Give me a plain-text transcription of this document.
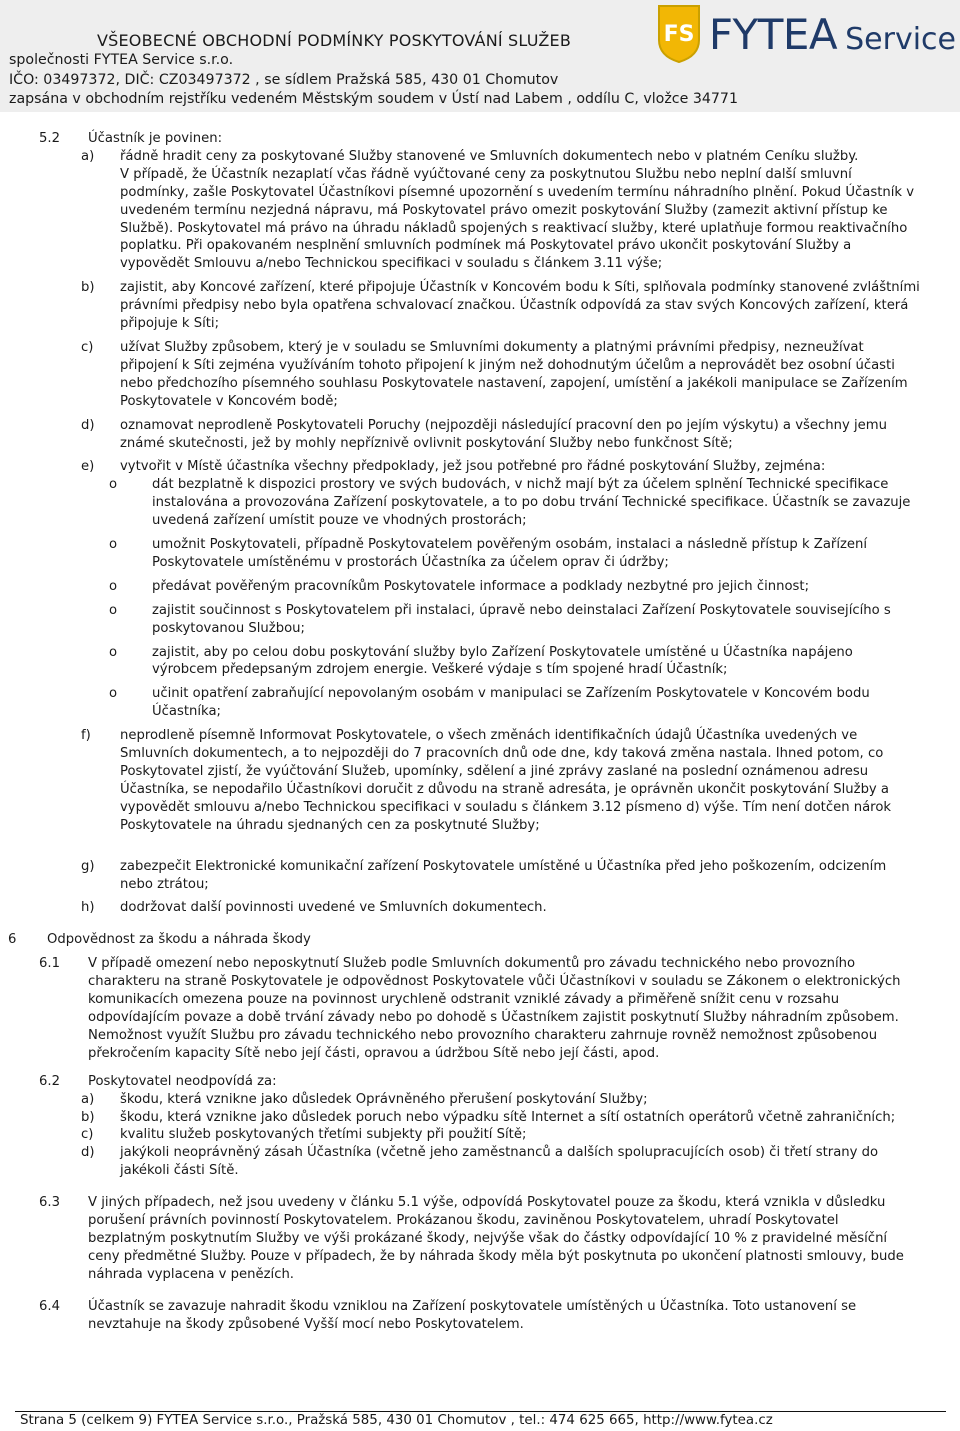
VŠEOBECNÉ OBCHODNÍ PODMÍNKY POSKYTOVÁNÍ SLUŽEB
společnosti FYTEA Service s.r.o.
IČO: 03497372, DIČ: CZ03497372 , se sídlem Pražská 585, 430 01 Chomutov
zapsána v obchodním rejstříku vedeném Městským soudem v Ústí nad Labem , oddílu C, vložce 34771
FS FYTEA Service
5.2 Účastník je povinen:
a) řádně hradit ceny za poskytované Služby stanovené ve Smluvních dokumentech nebo v platném Ceníku služby.
V případě, že Účastník nezaplatí včas řádně vyúčtované ceny za poskytnutou Službu nebo neplní další smluvní podmínky, zašle Poskytovatel Účastníkovi písemné upozornění s uvedením termínu náhradního plnění. Pokud Účastník v uvedeném termínu nezjedná nápravu, má Poskytovatel právo omezit poskytování Služby (zamezit aktivní přístup ke Službě). Poskytovatel má právo na úhradu nákladů spojených s reaktivací služby, které uplatňuje formou reaktivačního poplatku. Při opakovaném nesplnění smluvních podmínek má Poskytovatel právo ukončit poskytování Služby a vypovědět Smlouvu a/nebo Technickou specifikaci v souladu s článkem 3.11 výše;
b) zajistit, aby Koncové zařízení, které připojuje Účastník v Koncovém bodu k Síti, splňovala podmínky stanovené zvláštními právními předpisy nebo byla opatřena schvalovací značkou. Účastník odpovídá za stav svých Koncových zařízení, která připojuje k Síti;
c) užívat Služby způsobem, který je v souladu se Smluvními dokumenty a platnými právními předpisy, nezneužívat připojení k Síti zejména využíváním tohoto připojení k jiným než dohodnutým účelům a neprovádět bez osobní účasti nebo předchozího písemného souhlasu Poskytovatele nastavení, zapojení, umístění a jakékoli manipulace se Zařízením Poskytovatele v Koncovém bodě;
d) oznamovat neprodleně Poskytovateli Poruchy (nejpozději následující pracovní den po jejím výskytu) a všechny jemu známé skutečnosti, jež by mohly nepříznivě ovlivnit poskytování Služby nebo funkčnost Sítě;
e) vytvořit v Místě účastníka všechny předpoklady, jež jsou potřebné pro řádné poskytování Služby, zejména:
o	dát bezplatně k dispozici prostory ve svých budovách, v nichž mají být za účelem splnění Technické specifikace instalována a provozována Zařízení poskytovatele, a to po dobu trvání Technické specifikace. Účastník se zavazuje uvedená zařízení umístit pouze ve vhodných prostorách;
o	umožnit Poskytovateli, případně Poskytovatelem pověřeným osobám, instalaci a následně přístup k Zařízení Poskytovatele umístěnému v prostorách Účastníka za účelem oprav či údržby;
o	předávat pověřeným pracovníkům Poskytovatele informace a podklady nezbytné pro jejich činnost;
o	zajistit součinnost s Poskytovatelem při instalaci, úpravě nebo deinstalaci Zařízení Poskytovatele souvisejícího s poskytovanou Službou;
o	zajistit, aby po celou dobu poskytování služby bylo Zařízení Poskytovatele umístěné u Účastníka napájeno výrobcem předepsaným zdrojem energie. Veškeré výdaje s tím spojené hradí Účastník;
o	učinit opatření zabraňující nepovolaným osobám v manipulaci se Zařízením Poskytovatele v Koncovém bodu Účastníka;
f) neprodleně písemně Informovat Poskytovatele, o všech změnách identifikačních údajů Účastníka uvedených ve Smluvních dokumentech, a to nejpozději do 7 pracovních dnů ode dne, kdy taková změna nastala. Ihned potom, co Poskytovatel zjistí, že vyúčtování Služeb, upomínky, sdělení a jiné zprávy zaslané na poslední oznámenou adresu Účastníka, se nepodařilo Účastníkovi doručit z důvodu na straně adresáta, je oprávněn ukončit poskytování Služby a vypovědět smlouvu a/nebo Technickou specifikaci v souladu s článkem 3.12 písmeno d) výše. Tím není dotčen nárok Poskytovatele na úhradu sjednaných cen za poskytnuté Služby;
g) zabezpečit Elektronické komunikační zařízení Poskytovatele umístěné u Účastníka před jeho poškozením, odcizením nebo ztrátou;
h) dodržovat další povinnosti uvedené ve Smluvních dokumentech.
6 Odpovědnost za škodu a náhrada škody
6.1 V případě omezení nebo neposkytnutí Služeb podle Smluvních dokumentů pro závadu technického nebo provozního charakteru na straně Poskytovatele je odpovědnost Poskytovatele vůči Účastníkovi v souladu se Zákonem o elektronických komunikacích omezena pouze na povinnost urychleně odstranit vzniklé závady a přiměřeně snížit cenu v rozsahu odpovídajícím povaze a době trvání závady nebo po dohodě s Účastníkem zajistit poskytnutí Služby náhradním způsobem. Nemožnost využít Službu pro závadu technického nebo provozního charakteru zahrnuje rovněž nemožnost způsobenou překročením kapacity Sítě nebo její části, opravou a údržbou Sítě nebo její části, apod.
6.2 Poskytovatel neodpovídá za:
a) škodu, která vznikne jako důsledek Oprávněného přerušení poskytování Služby;
b) škodu, která vznikne jako důsledek poruch nebo výpadku sítě Internet a sítí ostatních operátorů včetně zahraničních;
c) kvalitu služeb poskytovaných třetími subjekty při použití Sítě;
d) jakýkoli neoprávněný zásah Účastníka (včetně jeho zaměstnanců a dalších spolupracujících osob) či třetí strany do jakékoli části Sítě.
6.3 V jiných případech, než jsou uvedeny v článku 5.1 výše, odpovídá Poskytovatel pouze za škodu, která vznikla v důsledku porušení právních povinností Poskytovatelem. Prokázanou škodu, zaviněnou Poskytovatelem, uhradí Poskytovatel bezplatným poskytnutím Služby ve výši prokázané škody, nejvýše však do částky odpovídající 10 % z pravidelné měsíční ceny předmětné Služby. Pouze v případech, že by náhrada škody měla být poskytnuta po ukončení platnosti smlouvy, bude náhrada vyplacena v penězích.
6.4 Účastník se zavazuje nahradit škodu vzniklou na Zařízení poskytovatele umístěných u Účastníka. Toto ustanovení se nevztahuje na škody způsobené Vyšší mocí nebo Poskytovatelem.
Strana 5 (celkem 9) FYTEA Service s.r.o., Pražská 585, 430 01 Chomutov , tel.: 474 625 665, http://www.fytea.cz
